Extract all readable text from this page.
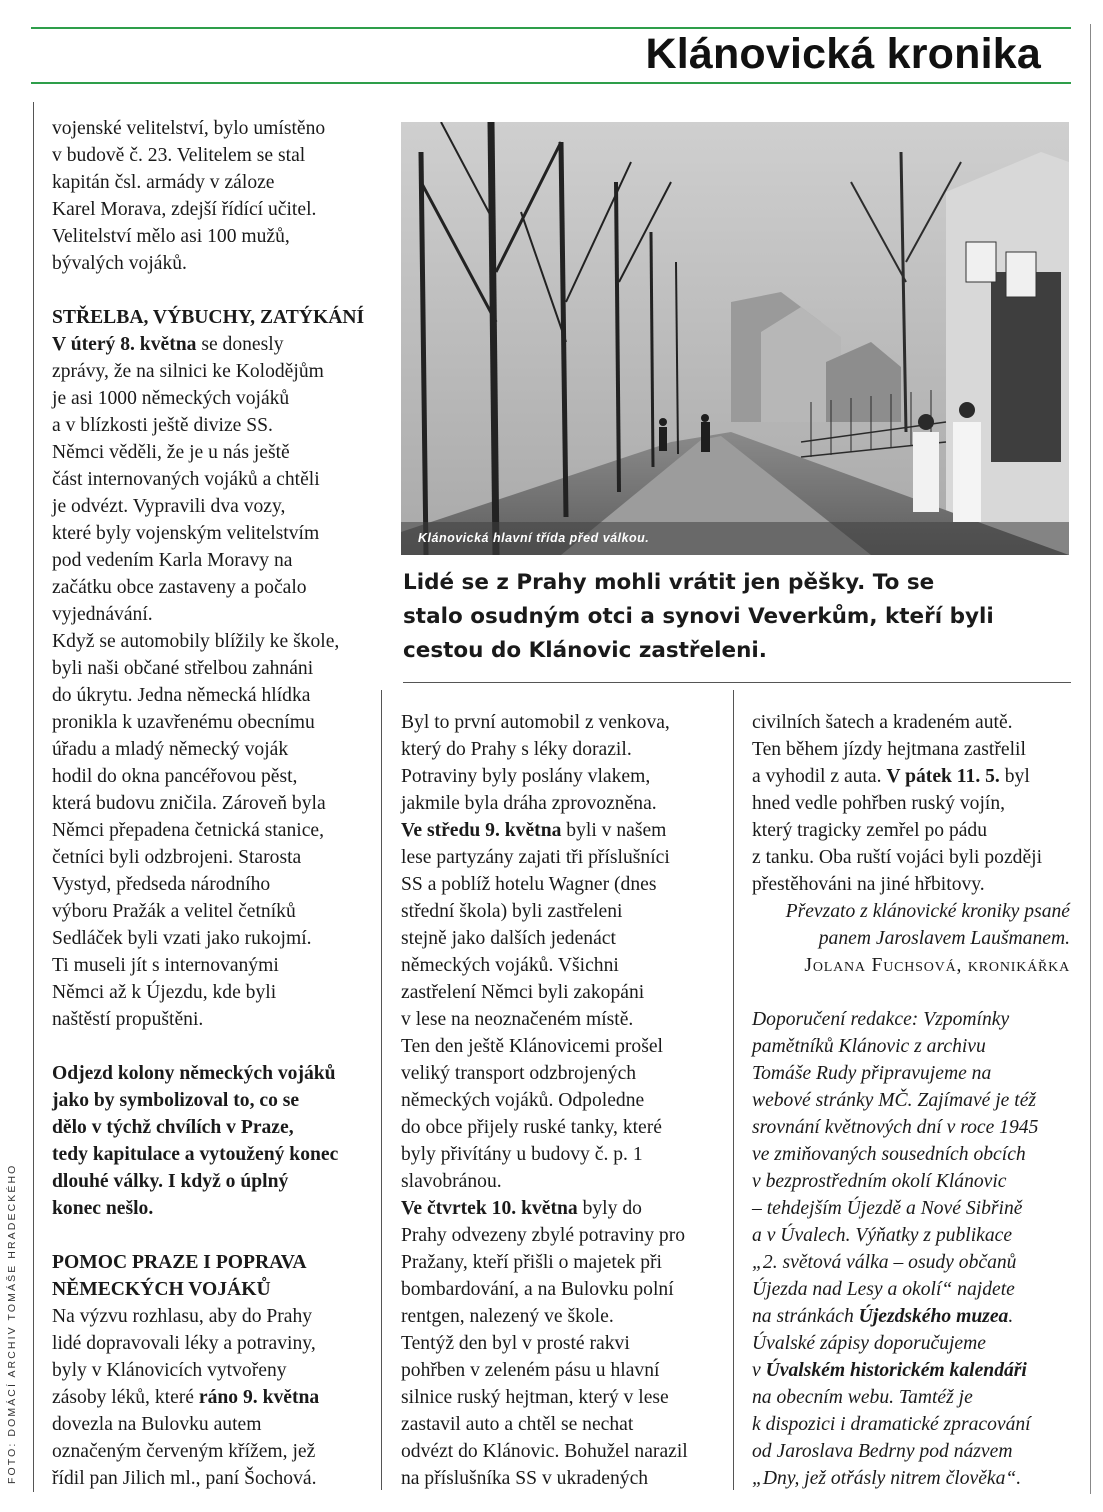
Klánovická kronika
FOTO: DOMÁCÍ ARCHIV TOMÁŠE HRADECKÉHO

vojenské velitelství, bylo umístěno

v budově č. 23. Velitelem se stal

kapitán čsl. armády v záloze

Karel Morava, zdejší řídící učitel.

Velitelství mělo asi 100 mužů,

bývalých vojáků.

STŘELBA, VÝBUCHY, ZATÝKÁNÍ

V úterý 8. května se donesly

zprávy, že na silnici ke Kolodějům

je asi 1000 německých vojáků

a v blízkosti ještě divize SS.

Němci věděli, že je u nás ještě

část internovaných vojáků a chtěli

je odvézt. Vypravili dva vozy,

které byly vojenským velitelstvím

pod vedením Karla Moravy na

začátku obce zastaveny a počalo

vyjednávání.

Když se automobily blížily ke škole,

byli naši občané střelbou zahnáni

do úkrytu. Jedna německá hlídka

pronikla k uzavřenému obecnímu

úřadu a mladý německý voják

hodil do okna pancéřovou pěst,

která budovu zničila. Zároveň byla

Němci přepadena četnická stanice,

četníci byli odzbrojeni. Starosta

Vystyd, předseda národního

výboru Pražák a velitel četníků

Sedláček byli vzati jako rukojmí.

Ti museli jít s internovanými

Němci až k Újezdu, kde byli

naštěstí propuštěni.

Odjezd kolony německých vojáků

jako by symbolizoval to, co se

dělo v týchž chvílích v Praze,

tedy kapitulace a vytoužený konec

dlouhé války. I když o úplný

konec nešlo.

POMOC PRAZE I POPRAVA

NĚMECKÝCH VOJÁKŮ

Na výzvu rozhlasu, aby do Prahy

lidé dopravovali léky a potraviny,

byly v Klánovicích vytvořeny

zásoby léků, které ráno 9. května

dovezla na Bulovku autem

označeným červeným křížem, jež

řídil pan Jilich ml., paní Šochová.

Klánovická hlavní třída před válkou.

Lidé se z Prahy mohli vrátit jen pěšky. To se

stalo osudným otci a synovi Veverkům, kteří byli

cestou do Klánovic zastřeleni.

Byl to první automobil z venkova,

který do Prahy s léky dorazil.

Potraviny byly poslány vlakem,

jakmile byla dráha zprovozněna.

Ve středu 9. května byli v našem

lese partyzány zajati tři příslušníci

SS a poblíž hotelu Wagner (dnes

střední škola) byli zastřeleni

stejně jako dalších jedenáct

německých vojáků. Všichni

zastřelení Němci byli zakopáni

v lese na neoznačeném místě.

Ten den ještě Klánovicemi prošel

veliký transport odzbrojených

německých vojáků. Odpoledne

do obce přijely ruské tanky, které

byly přivítány u budovy č. p. 1

slavobránou.

Ve čtvrtek 10. května byly do

Prahy odvezeny zbylé potraviny pro

Pražany, kteří přišli o majetek při

bombardování, a na Bulovku polní

rentgen, nalezený ve škole.

Tentýž den byl v prosté rakvi

pohřben v zeleném pásu u hlavní

silnice ruský hejtman, který v lese

zastavil auto a chtěl se nechat

odvézt do Klánovic. Bohužel narazil

na příslušníka SS v ukradených

civilních šatech a kradeném autě.

Ten během jízdy hejtmana zastřelil

a vyhodil z auta. V pátek 11. 5. byl

hned vedle pohřben ruský vojín,

který tragicky zemřel po pádu

z tanku. Oba ruští vojáci byli později

přestěhováni na jiné hřbitovy.

Převzato z klánovické kroniky psané

panem Jaroslavem Laušmanem.

Jolana Fuchsová, kronikářka

Doporučení redakce: Vzpomínky

pamětníků Klánovic z archivu

Tomáše Rudy připravujeme na

webové stránky MČ. Zajímavé je též

srovnání květnových dní v roce 1945

ve zmiňovaných sousedních obcích

v bezprostředním okolí Klánovic

– tehdejším Újezdě a Nové Sibřině

a v Úvalech. Výňatky z publikace

„2. světová válka – osudy občanů

Újezda nad Lesy a okolí“ najdete

na stránkách Újezdského muzea.

Úvalské zápisy doporučujeme

v Úvalském historickém kalendáři

na obecním webu. Tamtéž je

k dispozici i dramatické zpracování

od Jaroslava Bedrny pod názvem

„Dny, jež otřásly nitrem člověka“.
